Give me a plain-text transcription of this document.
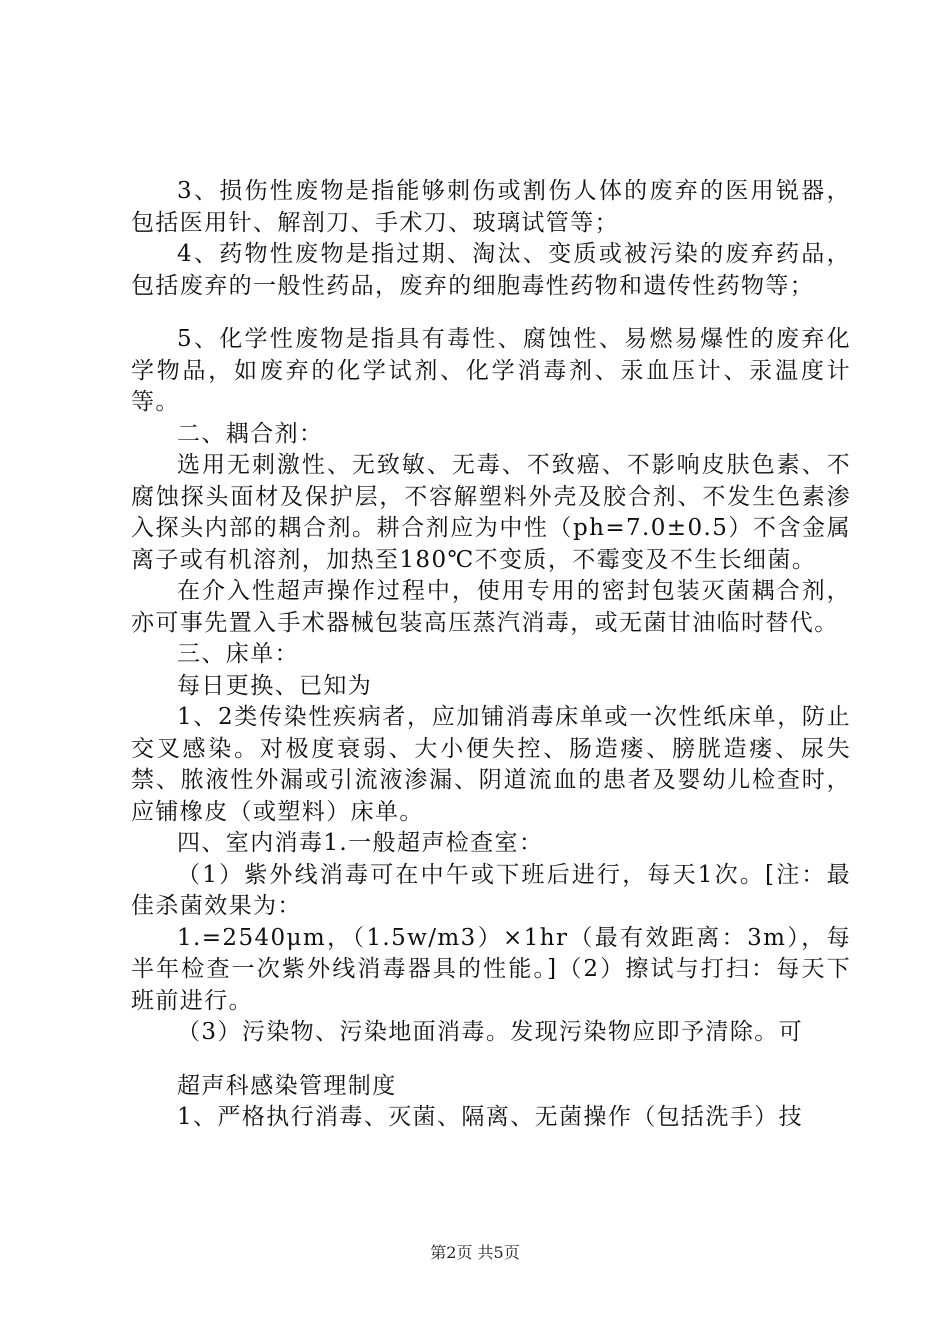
3、损伤性废物是指能够刺伤或割伤人体的废弃的医用锐器，包括医用针、解剖刀、手术刀、玻璃试管等；

4、药物性废物是指过期、淘汰、变质或被污染的废弃药品，包括废弃的一般性药品，废弃的细胞毒性药物和遗传性药物等；

5、化学性废物是指具有毒性、腐蚀性、易燃易爆性的废弃化学物品，如废弃的化学试剂、化学消毒剂、汞血压计、汞温度计等。

二、耦合剂：

选用无刺激性、无致敏、无毒、不致癌、不影响皮肤色素、不腐蚀探头面材及保护层，不容解塑料外壳及胶合剂、不发生色素渗入探头内部的耦合剂。耕合剂应为中性（ph=7.0±0.5）不含金属离子或有机溶剂，加热至180℃不变质，不霉变及不生长细菌。

在介入性超声操作过程中，使用专用的密封包装灭菌耦合剂，亦可事先置入手术器械包装高压蒸汽消毒，或无菌甘油临时替代。

三、床单：

每日更换、已知为

1、2类传染性疾病者，应加铺消毒床单或一次性纸床单，防止交叉感染。对极度衰弱、大小便失控、肠造瘘、膀胱造瘘、尿失禁、脓液性外漏或引流液渗漏、阴道流血的患者及婴幼儿检查时，应铺橡皮（或塑料）床单。

四、室内消毒1.一般超声检查室：

（1）紫外线消毒可在中午或下班后进行，每天1次。[注：最佳杀菌效果为：

1.=2540μm，（1.5w/m3）×1hr（最有效距离：3m），每半年检查一次紫外线消毒器具的性能。]（2）擦试与打扫：每天下班前进行。

（3）污染物、污染地面消毒。发现污染物应即予清除。可

超声科感染管理制度

1、严格执行消毒、灭菌、隔离、无菌操作（包括洗手）技

第2页 共5页
